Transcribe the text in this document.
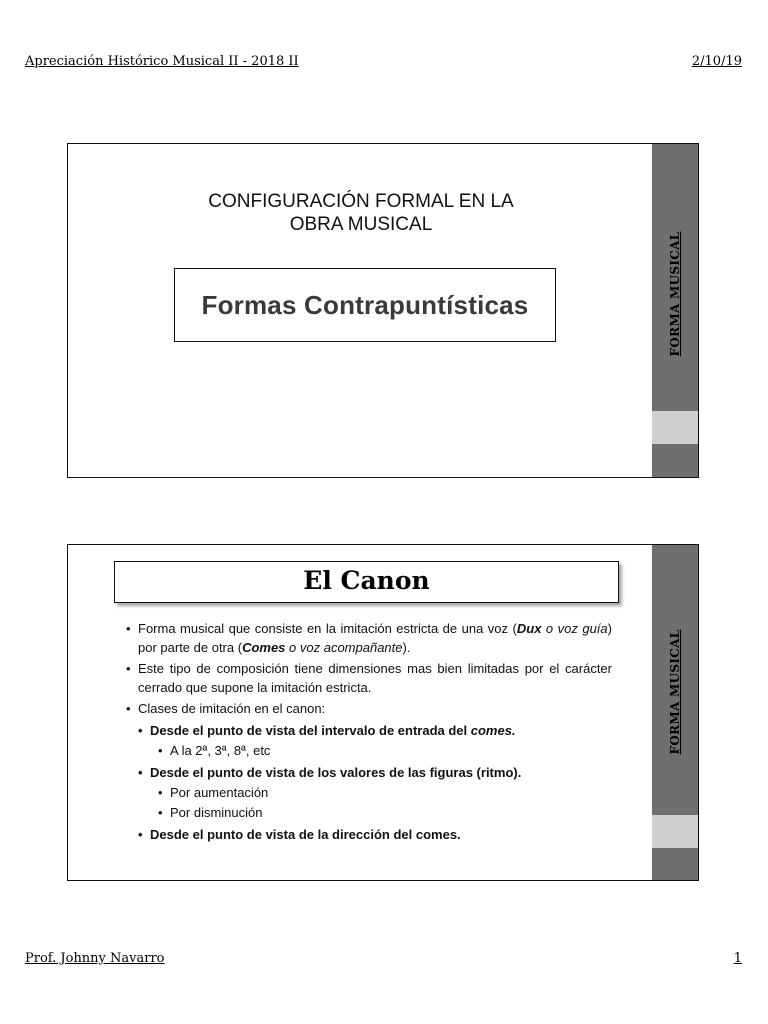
Apreciación Histórico Musical II - 2018 II	2/10/19
CONFIGURACIÓN FORMAL EN LA
OBRA MUSICAL
Formas Contrapuntísticas	FORMA MUSICAL
El Canon
• Forma musical que consiste en la imitación estricta de una voz (Dux o voz guía) por parte de otra (Comes o voz acompañante).
• Este tipo de composición tiene dimensiones mas bien limitadas por el carácter cerrado que supone la imitación estricta.
• Clases de imitación en el canon:
• Desde el punto de vista del intervalo de entrada del comes.
• A la 2ª, 3ª, 8ª, etc
• Desde el punto de vista de los valores de las figuras (ritmo).
• Por aumentación
• Por disminución
• Desde el punto de vista de la dirección del comes.
FORMA MUSICAL
Prof. Johnny Navarro	1
